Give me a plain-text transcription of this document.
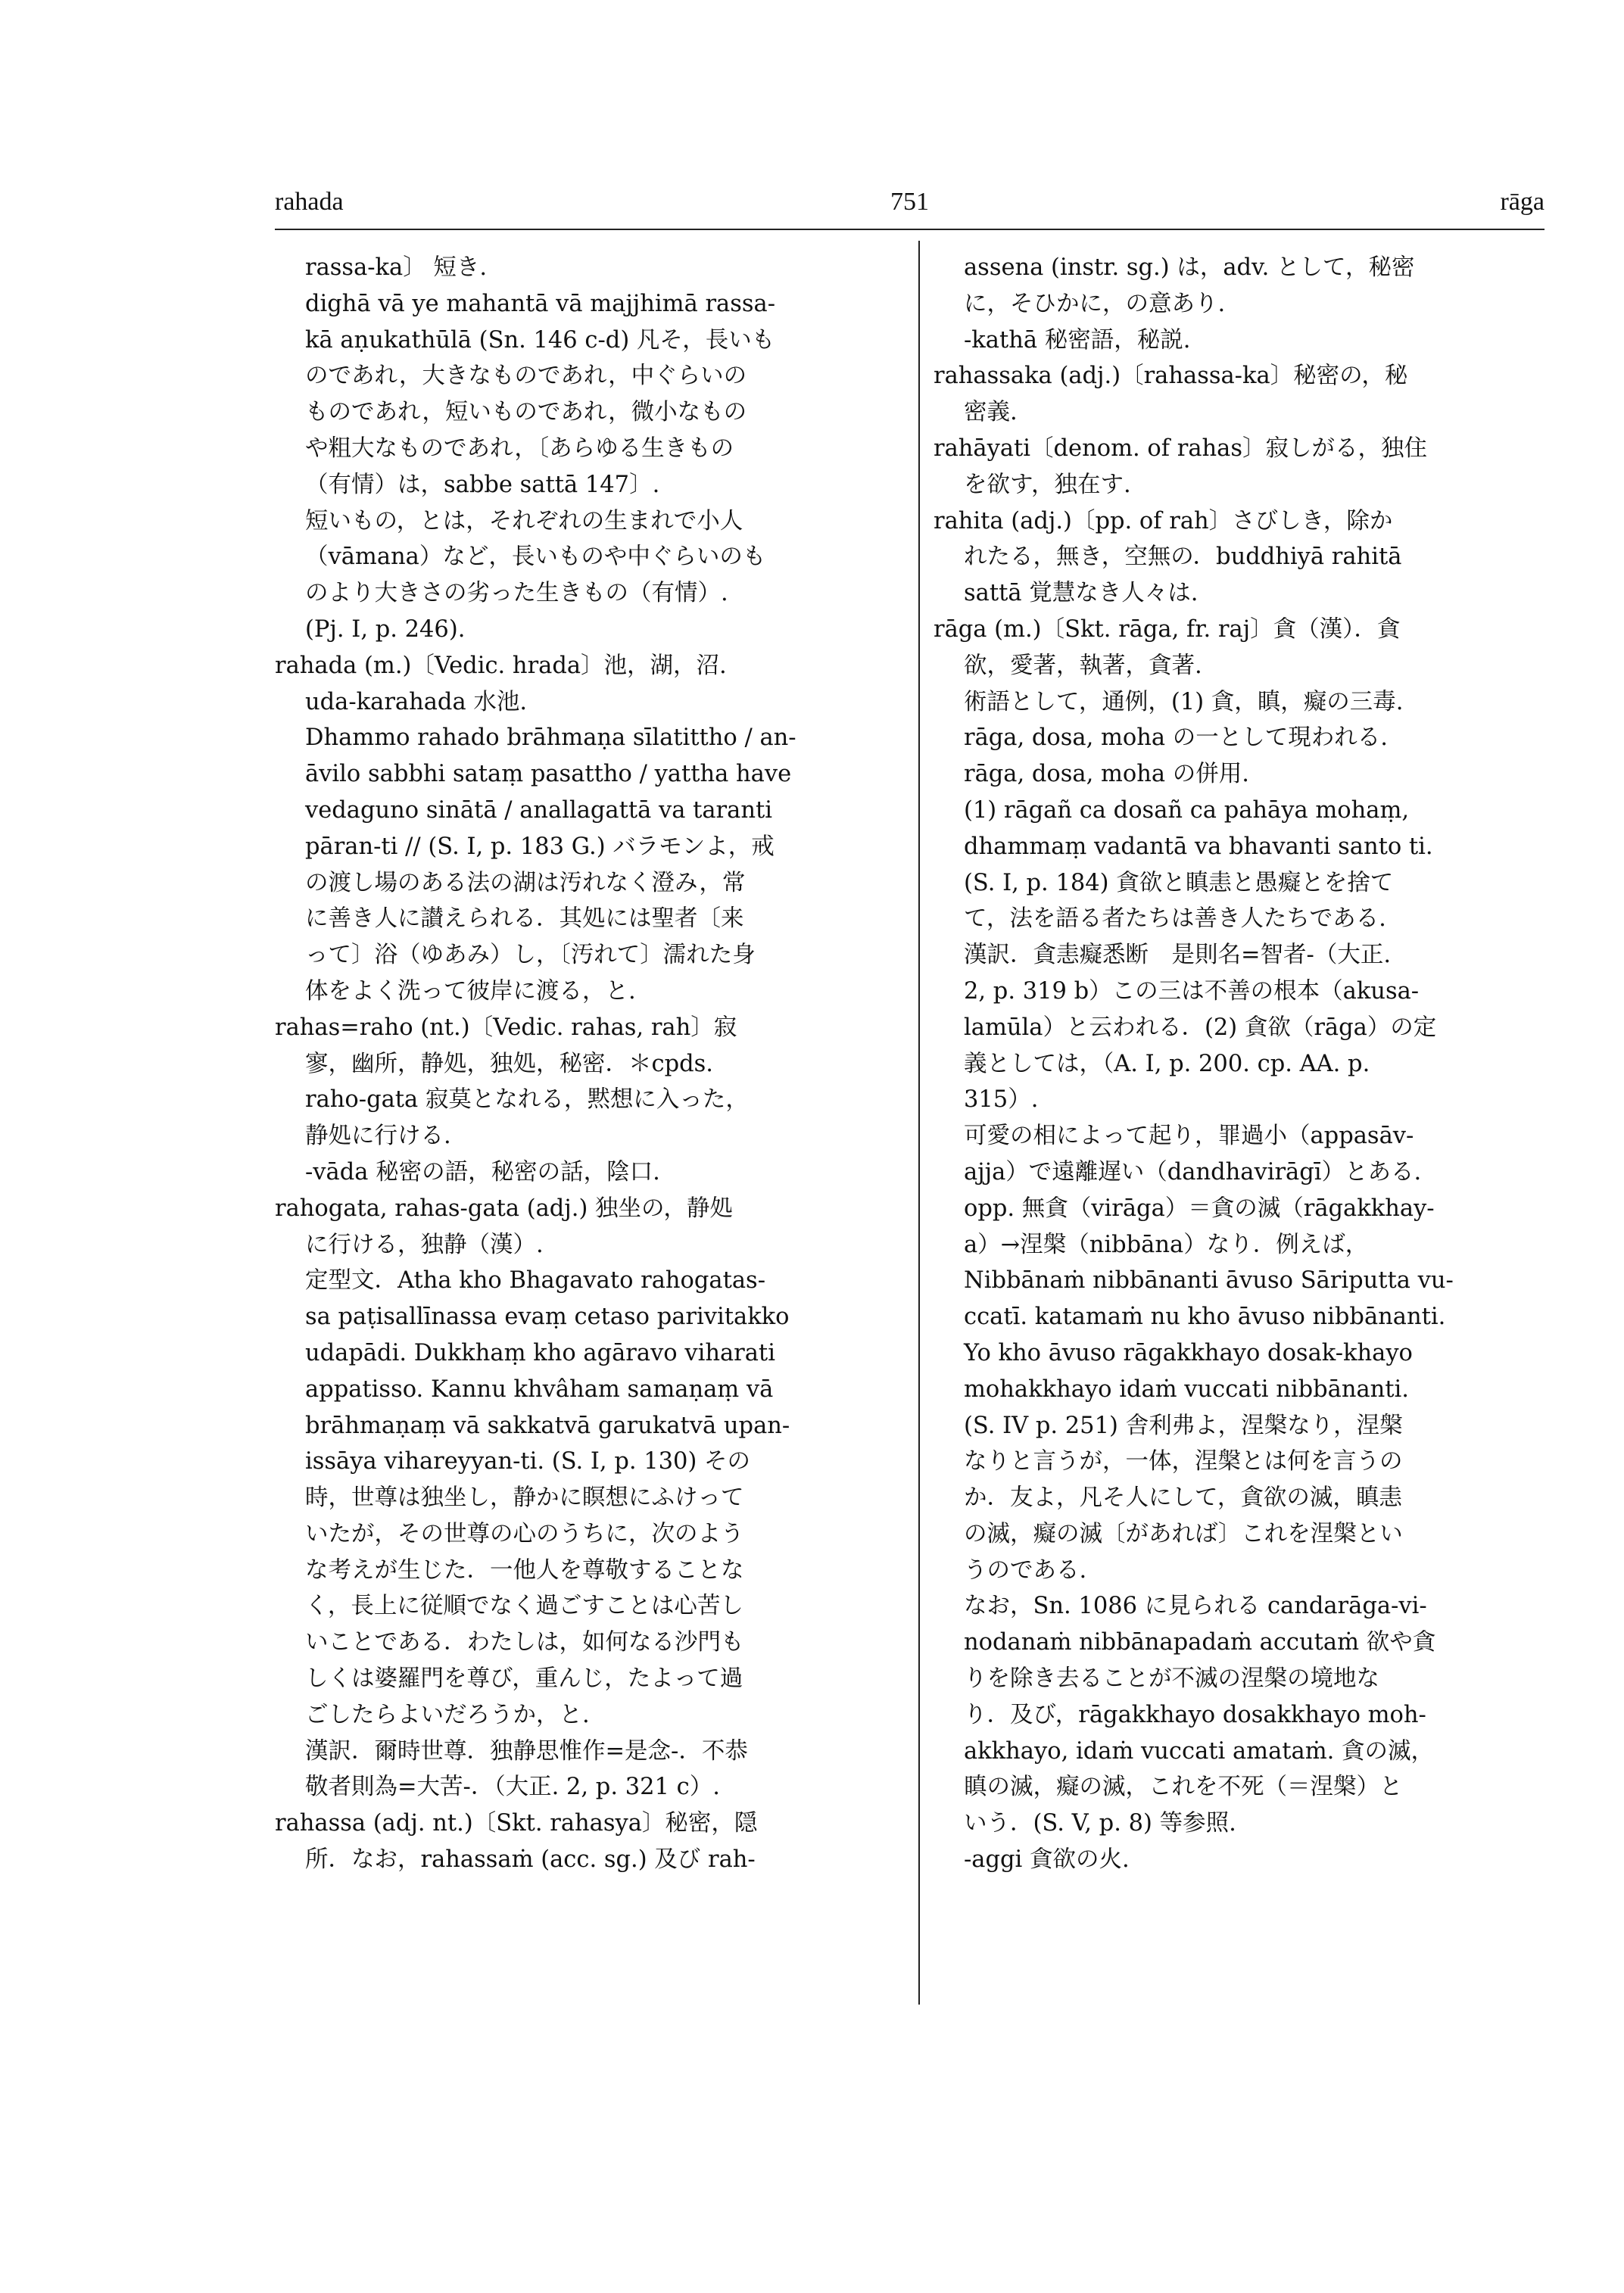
rahada	751	rāga
rassa-ka〕 短き.
dighā vā ye mahantā vā majjhimā rassa-
kā aṇukathūlā (Sn. 146 c-d) 凡そ，長いも
のであれ，大きなものであれ，中ぐらいの
ものであれ，短いものであれ，微小なもの
や粗大なものであれ，〔あらゆる生きもの
（有情）は，sabbe sattā 147〕.
短いもの，とは，それぞれの生まれで小人
（vāmana）など，長いものや中ぐらいのも
のより大きさの劣った生きもの（有情）.
(Pj. I, p. 246).
rahada (m.)〔Vedic. hrada〕池，湖，沼.
uda-karahada 水池.
Dhammo rahado brāhmaṇa sīlatittho / an-
āvilo sabbhi sataṃ pasattho / yattha have
vedaguno sinātā / anallagattā va taranti
pāran-ti // (S. I, p. 183 G.) バラモンよ，戒
の渡し場のある法の湖は汚れなく澄み，常
に善き人に讃えられる．其処には聖者〔来
って〕浴（ゆあみ）し，〔汚れて〕濡れた身
体をよく洗って彼岸に渡る，と.
rahas=raho (nt.)〔Vedic. rahas, rah〕寂
寥，幽所，静処，独処，秘密．＊cpds.
raho-gata 寂莫となれる，黙想に入った，
静処に行ける.
-vāda 秘密の語，秘密の話，陰口.
rahogata, rahas-gata (adj.) 独坐の，静処
に行ける，独静（漢）.
定型文．Atha kho Bhagavato rahogatas-
sa paṭisallīnassa evaṃ cetaso parivitakko
udapādi. Dukkhaṃ kho agāravo viharati
appatisso. Kannu khvâham samaṇaṃ vā
brāhmaṇaṃ vā sakkatvā garukatvā upan-
issāya vihareyyan-ti. (S. I, p. 130) その
時，世尊は独坐し，静かに瞑想にふけって
いたが，その世尊の心のうちに，次のよう
な考えが生じた．一他人を尊敬することな
く，長上に従順でなく過ごすことは心苦し
いことである．わたしは，如何なる沙門も
しくは婆羅門を尊び，重んじ，たよって過
ごしたらよいだろうか，と.
漢訳．爾時世尊．独静思惟作=是念-．不恭
敬者則為=大苦-．（大正. 2, p. 321 c）.
rahassa (adj. nt.)〔Skt. rahasya〕秘密，隠
所．なお，rahassaṁ (acc. sg.) 及び rah-
assena (instr. sg.) は，adv. として，秘密
に，そひかに，の意あり.
-kathā 秘密語，秘説.
rahassaka (adj.)〔rahassa-ka〕秘密の，秘
密義.
rahāyati〔denom. of rahas〕寂しがる，独住
を欲す，独在す.
rahita (adj.)〔pp. of rah〕さびしき，除か
れたる，無き，空無の．buddhiyā rahitā
sattā 覚慧なき人々は.
rāga (m.)〔Skt. rāga, fr. raj〕貪（漢）．貪
欲，愛著，執著，貪著.
術語として，通例，(1) 貪，瞋，癡の三毒.
rāga, dosa, moha の一として現われる.
rāga, dosa, moha の併用.
(1) rāgañ ca dosañ ca pahāya mohaṃ,
dhammaṃ vadantā va bhavanti santo ti.
(S. I, p. 184) 貪欲と瞋恚と愚癡とを捨て
て，法を語る者たちは善き人たちである.
漢訳．貪恚癡悉断　是則名=智者-（大正.
2, p. 319 b）この三は不善の根本（akusa-
lamūla）と云われる．(2) 貪欲（rāga）の定
義としては，（A. I, p. 200. cp. AA. p.
315）.
可愛の相によって起り，罪過小（appasāv-
ajja）で遠離遅い（dandhavirāgī）とある.
opp. 無貪（virāga）＝貪の滅（rāgakkhay-
a）→涅槃（nibbāna）なり．例えば，
Nibbānaṁ nibbānanti āvuso Sāriputta vu-
ccatī. katamaṁ nu kho āvuso nibbānanti.
Yo kho āvuso rāgakkhayo dosak-khayo
mohakkhayo idaṁ vuccati nibbānanti.
(S. IV p. 251) 舎利弗よ，涅槃なり，涅槃
なりと言うが，一体，涅槃とは何を言うの
か．友よ，凡そ人にして，貪欲の滅，瞋恚
の滅，癡の滅〔があれば〕これを涅槃とい
うのである.
なお，Sn. 1086 に見られる candarāga-vi-
nodanaṁ nibbānapadaṁ accutaṁ 欲や貪
りを除き去ることが不滅の涅槃の境地な
り．及び，rāgakkhayo dosakkhayo moh-
akkhayo, idaṁ vuccati amataṁ. 貪の滅，
瞋の滅，癡の滅，これを不死（＝涅槃）と
いう．(S. V, p. 8) 等参照.
-aggi 貪欲の火.
